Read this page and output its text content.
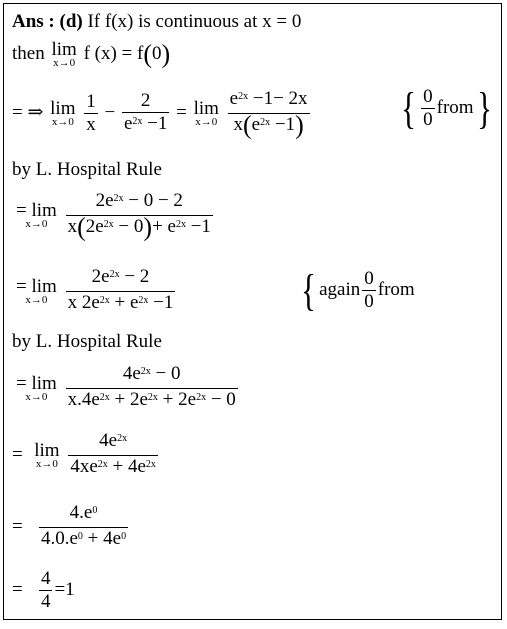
Ans : (d) If f(x) is continuous at x = 0
then lim
x→0 f (x) = f(0)
= ⇒ lim
x→0
$\frac{1}{x} - \frac{2}{e^{2x} -1} = \lim$
x→0
$\frac{e^{2x} -1- 2x}{x(e^{2x} -1)}$ { $\frac{0}{0}$ from}
by L. Hospital Rule
= lim
x→0
$\frac{2e^{2x} - 0 - 2}{x(2e^{2x} - 0)+ e^{2x} -1}$
= lim
x→0
$\frac{2e^{2x} - 2}{x 2e^{2x} + e^{2x} -1}$	{ again $\frac{0}{0}$ from
by L. Hospital Rule
= lim
x→0
$\frac{4e^{2x} - 0}{x.4e^{2x} + 2e^{2x} + 2e^{2x} - 0}$
= lim
x→0
$\frac{4e^{2x}}{4xe^{2x} + 4e^{2x}}$
= $\frac{4.e^0}{4.0.e^0 + 4e^0}$
= $\frac{4}{4} =1$
